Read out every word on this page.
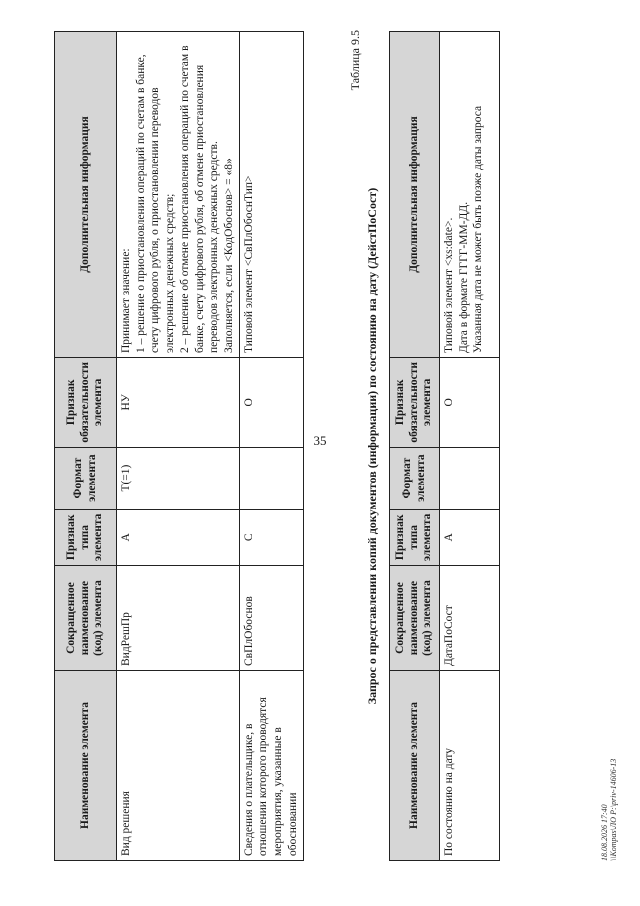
35
Наименование элемента	Сокращенное наименование (код) элемента	Признак типа элемента	Формат элемента	Признак обязательности элемента	Дополнительная информация
Вид решения	ВидРешПр	А	Т(=1)	НУ	Принимает значение: 1 – решение о приостановлении операций по счетам в банке, счету цифрового рубля, о приостановлении переводов электронных денежных средств; 2 – решение об отмене приостановления операций по счетам в банке, счету цифрового рубля, об отмене приостановления переводов электронных денежных средств. Заполняется, если <КодОбоснов> = «8»

Сведения о плательщике, в отношении которого проводятся мероприятия, указанные в обосновании	СвПлОбоснов	С		О	Типовой элемент <СвПлОбоснТип>
Таблица 9.5
Запрос о представлении копий документов (информации) по состоянию на дату (ДейстПоСост)
Наименование элемента	Сокращенное наименование (код) элемента	Признак типа элемента	Формат элемента	Признак обязательности элемента	Дополнительная информация
По состоянию на дату	ДатаПоСост	А		О	Типовой элемент <xs:date>. Дата в формате ГГГГ-ММ-ДД. Указанная дата не может быть позже даты запроса
18.08.2026 17:40 \\Kompas\ЛО Р:\priv-14606-13
